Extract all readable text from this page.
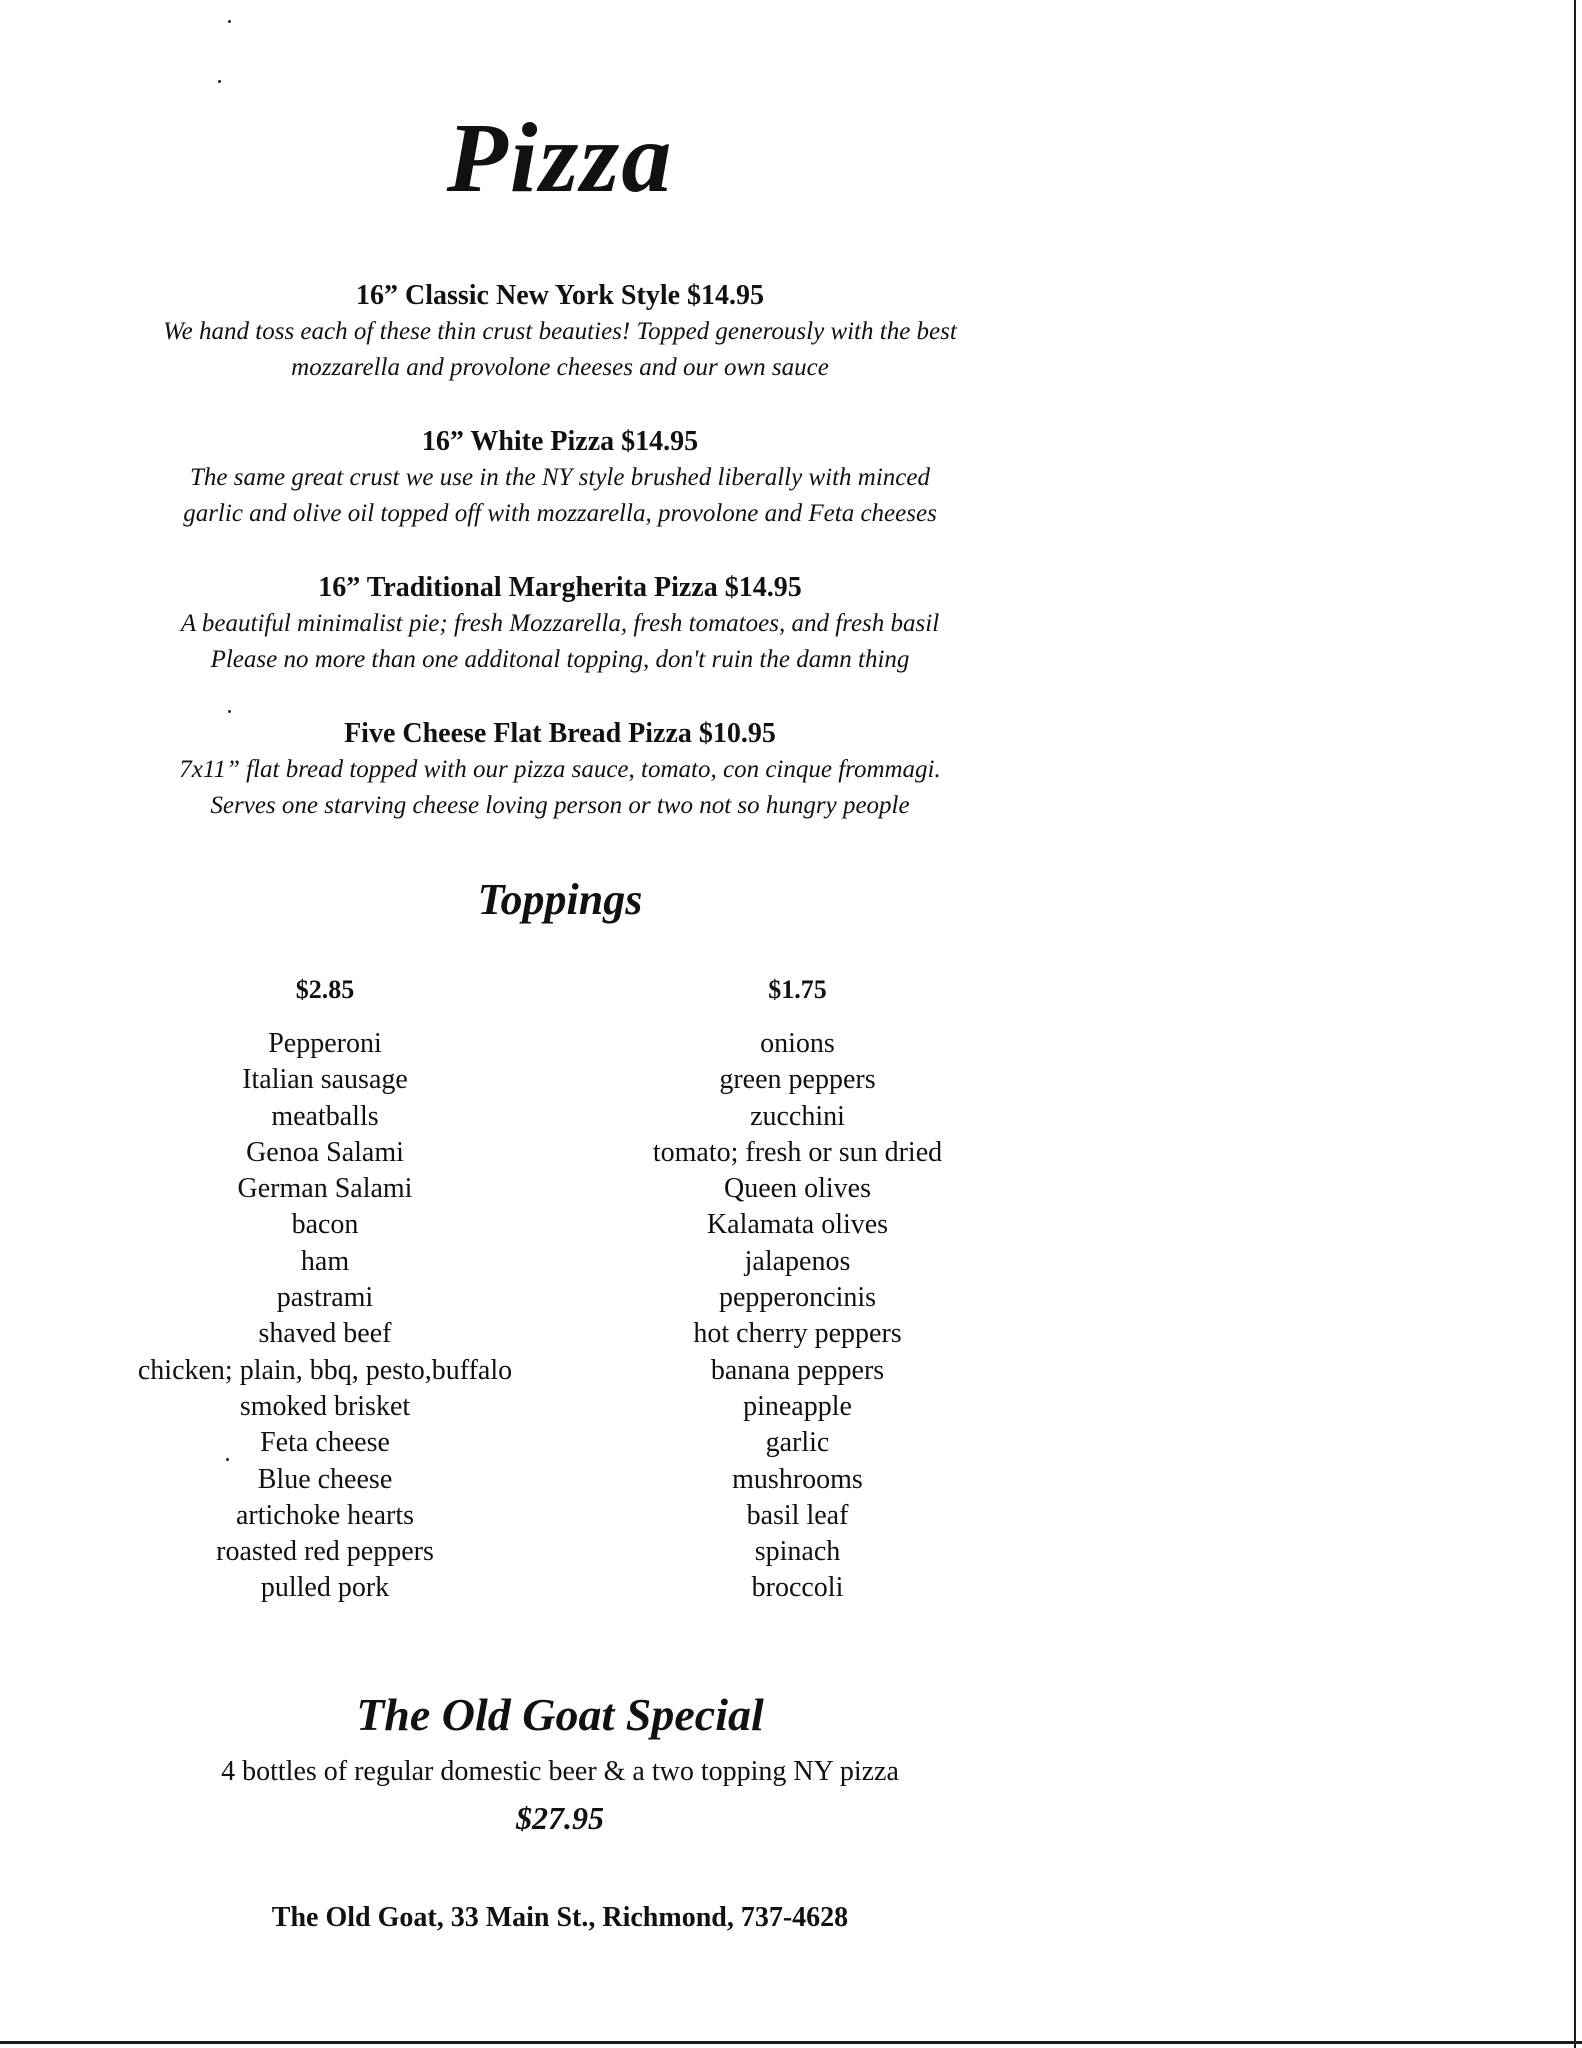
Pizza

16” Classic New York Style $14.95

We hand toss each of these thin crust beauties! Topped generously with the best

mozzarella and provolone cheeses and our own sauce

16” White Pizza $14.95

The same great crust we use in the NY style brushed liberally with minced

garlic and olive oil topped off with mozzarella, provolone and Feta cheeses

16” Traditional Margherita Pizza $14.95

A beautiful minimalist pie; fresh Mozzarella, fresh tomatoes, and fresh basil

Please no more than one additonal topping, don't ruin the damn thing

Five Cheese Flat Bread Pizza $10.95

7x11” flat bread topped with our pizza sauce, tomato, con cinque frommagi.

Serves one starving cheese loving person or two not so hungry people

Toppings
$2.85
Pepperoni
Italian sausage
meatballs
Genoa Salami
German Salami
bacon
ham
pastrami
shaved beef
chicken; plain, bbq, pesto,buffalo
smoked brisket
Feta cheese
Blue cheese
artichoke hearts
roasted red peppers
pulled pork
$1.75
onions
green peppers
zucchini
tomato; fresh or sun dried
Queen olives
Kalamata olives
jalapenos
pepperoncinis
hot cherry peppers
banana peppers
pineapple
garlic
mushrooms
basil leaf
spinach
broccoli
The Old Goat Special
4 bottles of regular domestic beer & a two topping NY pizza
$27.95
The Old Goat, 33 Main St., Richmond, 737-4628
